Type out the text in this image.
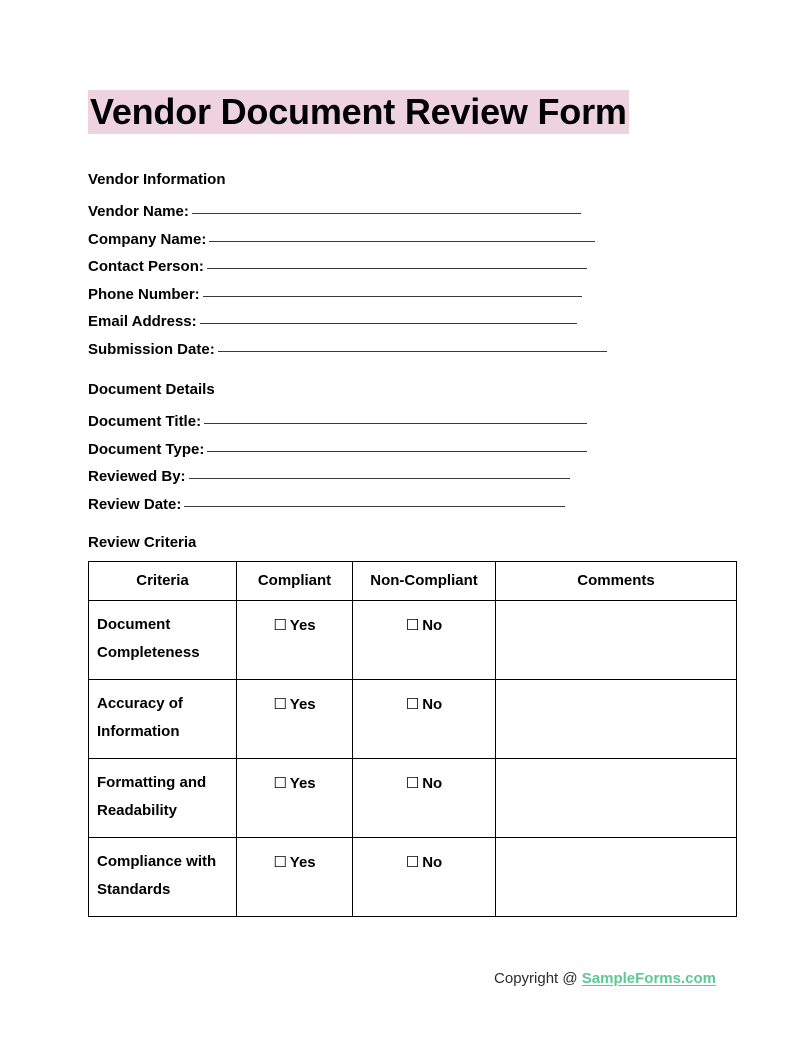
Vendor Document Review Form
Vendor Information
Vendor Name:
Company Name:
Contact Person:
Phone Number:
Email Address:
Submission Date:
Document Details
Document Title:
Document Type:
Reviewed By:
Review Date:
Review Criteria
Criteria	Compliant	Non-Compliant	Comments
Document Completeness	☐ Yes	☐ No	
Accuracy of Information	☐ Yes	☐ No	
Formatting and Readability	☐ Yes	☐ No	
Compliance with Standards	☐ Yes	☐ No	
Copyright @ SampleForms.com
